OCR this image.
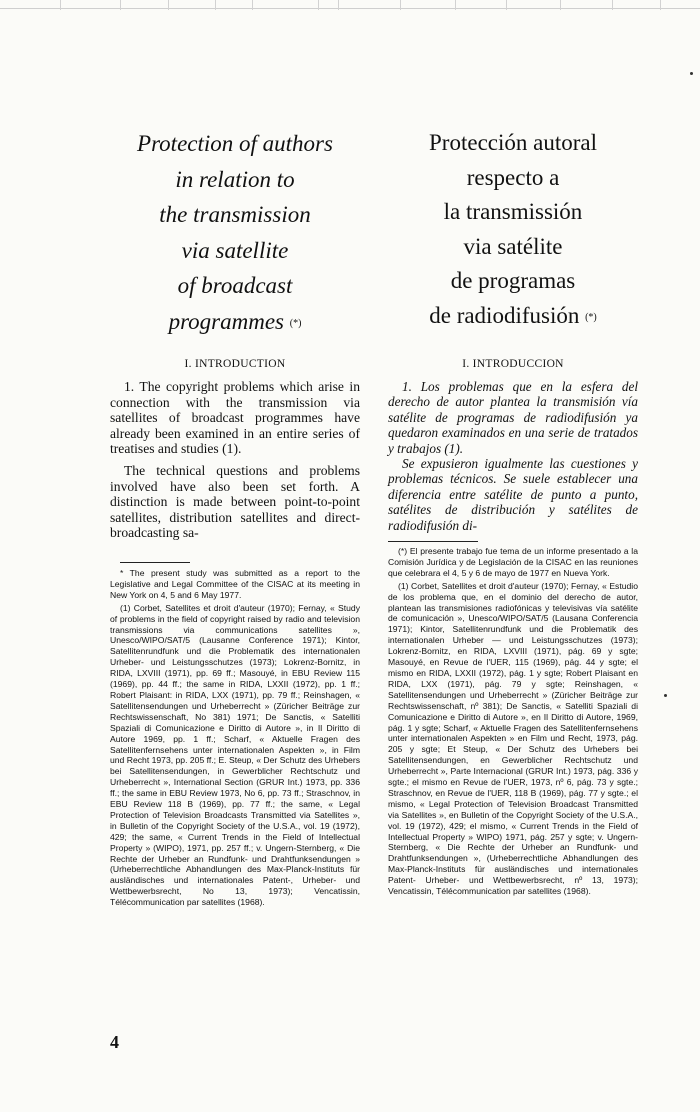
Protection of authors
in relation to
the transmission
via satellite
of broadcast
programmes (*)
I. INTRODUCTION

1. The copyright problems which arise in connection with the transmission via satellites of broadcast programmes have already been examined in an entire series of treatises and studies (1).

The technical questions and problems involved have also been set forth. A distinction is made between point-to-point satellites, distribution satellites and direct-broadcasting sa-

* The present study was submitted as a report to the Legislative and Legal Committee of the CISAC at its meeting in New York on 4, 5 and 6 May 1977.

(1) Corbet, Satellites et droit d'auteur (1970); Fernay, « Study of problems in the field of copyright raised by radio and television transmissions via communications satellites », Unesco/WIPO/SAT/5 (Lausanne Conference 1971); Kintor, Satellitenrundfunk und die Problematik des internationalen Urheber- und Leistungsschutzes (1973); Lokrenz-Bornitz, in RIDA, LXVIII (1971), pp. 69 ff.; Masouyé, in EBU Review 115 (1969), pp. 44 ff.; the same in RIDA, LXXII (1972), pp. 1 ff.; Robert Plaisant: in RIDA, LXX (1971), pp. 79 ff.; Reinshagen, « Satellitensendungen und Urheberrecht » (Züricher Beiträge zur Rechtswissenschaft, No 381) 1971; De Sanctis, « Satelliti Spaziali di Comunicazione e Diritto di Autore », in Il Diritto di Autore 1969, pp. 1 ff.; Scharf, « Aktuelle Fragen des Satellitenfernsehens unter internationalen Aspekten », in Film und Recht 1973, pp. 205 ff.; E. Steup, « Der Schutz des Urhebers bei Satellitensendungen, in Gewerblicher Rechtschutz und Urheberrecht », International Section (GRUR Int.) 1973, pp. 336 ff.; the same in EBU Review 1973, No 6, pp. 73 ff.; Straschnov, in EBU Review 118 B (1969), pp. 77 ff.; the same, « Legal Protection of Television Broadcasts Transmitted via Satellites », in Bulletin of the Copyright Society of the U.S.A., vol. 19 (1972), 429; the same, « Current Trends in the Field of Intellectual Property » (WIPO), 1971, pp. 257 ff.; v. Ungern-Sternberg, « Die Rechte der Urheber an Rundfunk- und Drahtfunksendungen » (Urheberrechtliche Abhandlungen des Max-Planck-Instituts für ausländisches und internationales Patent-, Urheber- und Wettbewerbsrecht, No 13, 1973); Vencatissin, Télécommunication par satellites (1968).

Protección autoral
respecto a
la transmissión
via satélite
de programas
de radiodifusión (*)
I. INTRODUCCION

1. Los problemas que en la esfera del derecho de autor plantea la transmisión vía satélite de programas de radiodifusión ya quedaron examinados en una serie de tratados y trabajos (1).

Se expusieron igualmente las cuestiones y problemas técnicos. Se suele establecer una diferencia entre satélite de punto a punto, satélites de distribución y satélites de radiodifusión di-

(*) El presente trabajo fue tema de un informe presentado a la Comisión Jurídica y de Legislación de la CISAC en las reuniones que celebrara el 4, 5 y 6 de mayo de 1977 en Nueva York.

(1) Corbet, Satellites et droit d'auteur (1970); Fernay, « Estudio de los problema que, en el dominio del derecho de autor, plantean las transmisiones radiofónicas y televisivas vía satélite de comunicación », Unesco/WIPO/SAT/5 (Lausana Conferencia 1971); Kintor, Satellitenrundfunk und die Problematik des internationalen Urheber — und Leistungsschutzes (1973); Lokrenz-Bornitz, en RIDA, LXVIII (1971), pág. 69 y sgte; Masouyé, en Revue de l'UER, 115 (1969), pág. 44 y sgte; el mismo en RIDA, LXXII (1972), pág. 1 y sgte; Robert Plaisant en RIDA, LXX (1971), pág. 79 y sgte; Reinshagen, « Satellitensendungen und Urheberrecht » (Züricher Beiträge zur Rechtswissenschaft, nº 381); De Sanctis, « Satelliti Spaziali di Comunicazione e Diritto di Autore », en Il Diritto di Autore, 1969, pág. 1 y sgte; Scharf, « Aktuelle Fragen des Satellitenfernsehens unter internationalen Aspekten » en Film und Recht, 1973, pág. 205 y sgte; Et Steup, « Der Schutz des Urhebers bei Satellitensendungen, en Gewerblicher Rechtschutz und Urheberrecht », Parte Internacional (GRUR Int.) 1973, pág. 336 y sgte.; el mismo en Revue de l'UER, 1973, nº 6, pág. 73 y sgte.; Straschnov, en Revue de l'UER, 118 B (1969), pág. 77 y sgte.; el mismo, « Legal Protection of Television Broadcast Transmitted via Satellites », en Bulletin of the Copyright Society of the U.S.A., vol. 19 (1972), 429; el mismo, « Current Trends in the Field of Intellectual Property » WIPO) 1971, pág. 257 y sgte; v. Ungern-Sternberg, « Die Rechte der Urheber an Rundfunk- und Drahtfunksendungen », (Urheberrechtliche Abhandlungen des Max-Planck-Instituts für ausländisches und internationales Patent- Urheber- und Wettbewerbsrecht, nº 13, 1973); Vencatissin, Télécommunication par satellites (1968).

4
